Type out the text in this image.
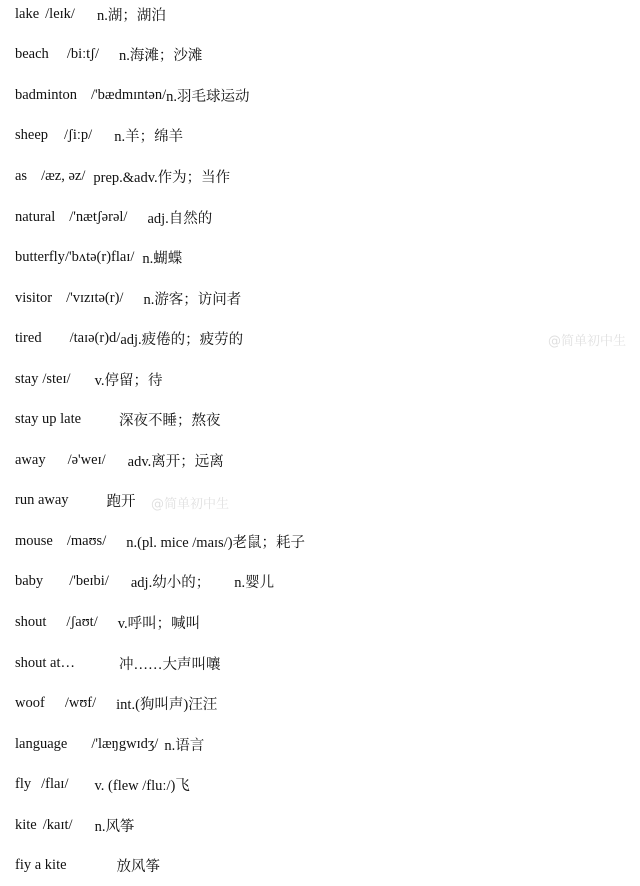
lake /leɪk/ n.湖；湖泊
beach /biːtʃ/ n.海滩；沙滩
badminton /'bædmɪntən/ n.羽毛球运动
sheep /ʃiːp/ n.羊；绵羊
as /æz, əz/ prep.&adv.作为；当作
natural /'nætʃərəl/ adj.自然的
butterfly /'bʌtə(r)flaɪ/ n.蝴蝶
visitor /'vɪzɪtə(r)/ n.游客；访问者
tired /taɪə(r)d/ adj.疲倦的；疲劳的
stay /steɪ/ v.停留；待
stay up late	深夜不睡；熬夜
away /ə'weɪ/ adv.离开；远离
run away	跑开
mouse /maʊs/ n.(pl. mice /maɪs/)老鼠；耗子
baby /'beɪbi/ adj.幼小的； n.婴儿
shout /ʃaʊt/ v.呼叫；喊叫
shout at…	冲……大声叫嚷
woof /wʊf/ int.(狗叫声)汪汪
language /'læŋgwɪdʒ/ n.语言
fly /flaɪ/ v. (flew /fluː/)飞
kite /kaɪt/ n.风筝
fiy a kite	放风筝
@简单初中生
@简单初中生
